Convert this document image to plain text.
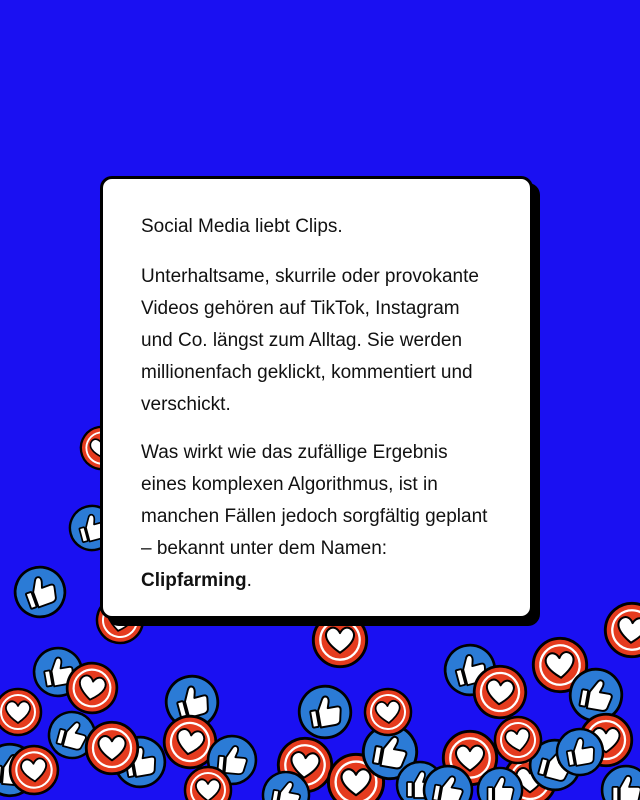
Social Media liebt Clips.

Unterhaltsame, skurrile oder provokante Videos gehören auf TikTok, Instagram und Co. längst zum Alltag. Sie werden millionenfach geklickt, kommentiert und verschickt.

Was wirkt wie das zufällige Ergebnis eines komplexen Algorithmus, ist in manchen Fällen jedoch sorgfältig geplant – bekannt unter dem Namen: Clipfarming.
